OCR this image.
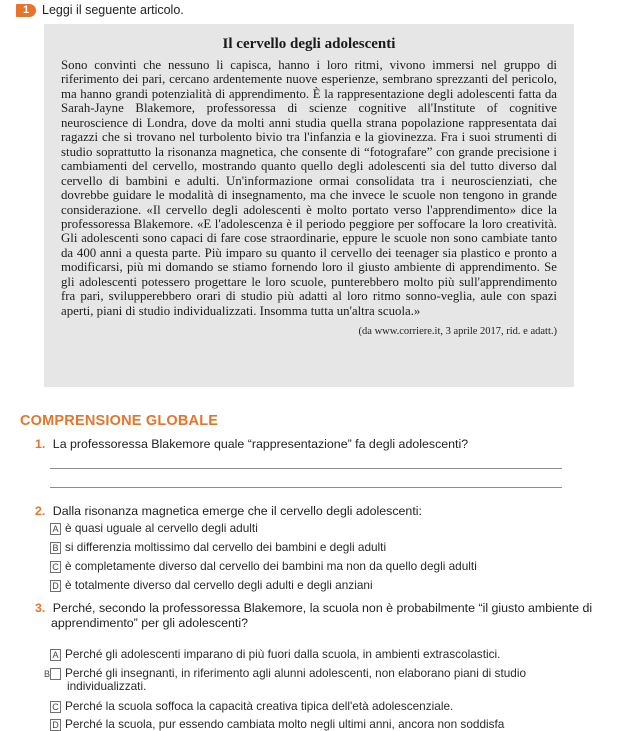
1	Leggi il seguente articolo.
Il cervello degli adolescenti

Sono convinti che nessuno li capisca, hanno i loro ritmi, vivono immersi nel gruppo di riferimento dei pari, cercano ardentemente nuove esperienze, sembrano sprezzanti del pericolo, ma hanno grandi potenzialità di apprendimento. È la rappresentazione degli adolescenti fatta da Sarah-Jayne Blakemore, professoressa di scienze cognitive all'Institute of cognitive neuroscience di Londra, dove da molti anni studia quella strana popolazione rappresentata dai ragazzi che si trovano nel turbolento bivio tra l'infanzia e la giovinezza. Fra i suoi strumenti di studio soprattutto la risonanza magnetica, che consente di “fotografare” con grande precisione i cambiamenti del cervello, mostrando quanto quello degli adolescenti sia del tutto diverso dal cervello di bambini e adulti. Un'informazione ormai consolidata tra i neuroscienziati, che dovrebbe guidare le modalità di insegnamento, ma che invece le scuole non tengono in grande considerazione. «Il cervello degli adolescenti è molto portato verso l'apprendimento» dice la professoressa Blakemore. «E l'adolescenza è il periodo peggiore per soffocare la loro creatività. Gli adolescenti sono capaci di fare cose straordinarie, eppure le scuole non sono cambiate tanto da 400 anni a questa parte. Più imparo su quanto il cervello dei teenager sia plastico e pronto a modificarsi, più mi domando se stiamo fornendo loro il giusto ambiente di apprendimento. Se gli adolescenti potessero progettare le loro scuole, punterebbero molto più sull'apprendimento fra pari, svilupperebbero orari di studio più adatti al loro ritmo sonno-veglia, aule con spazi aperti, piani di studio individualizzati. Insomma tutta un'altra scuola.»

(da www.corriere.it, 3 aprile 2017, rid. e adatt.)
COMPRENSIONE GLOBALE
1. La professoressa Blakemore quale “rappresentazione” fa degli adolescenti?
2. Dalla risonanza magnetica emerge che il cervello degli adolescenti:
A è quasi uguale al cervello degli adulti
B si differenzia moltissimo dal cervello dei bambini e degli adulti
C è completamente diverso dal cervello dei bambini ma non da quello degli adulti
D è totalmente diverso dal cervello degli adulti e degli anziani
3. Perché, secondo la professoressa Blakemore, la scuola non è probabilmente “il giusto ambiente di apprendimento” per gli adolescenti?
A Perché gli adolescenti imparano di più fuori dalla scuola, in ambienti extrascolastici.
B Perché gli insegnanti, in riferimento agli alunni adolescenti, non elaborano piani di studio individualizzati.
C Perché la scuola soffoca la capacità creativa tipica dell'età adolescenziale.
D Perché la scuola, pur essendo cambiata molto negli ultimi anni, ancora non soddisfa
